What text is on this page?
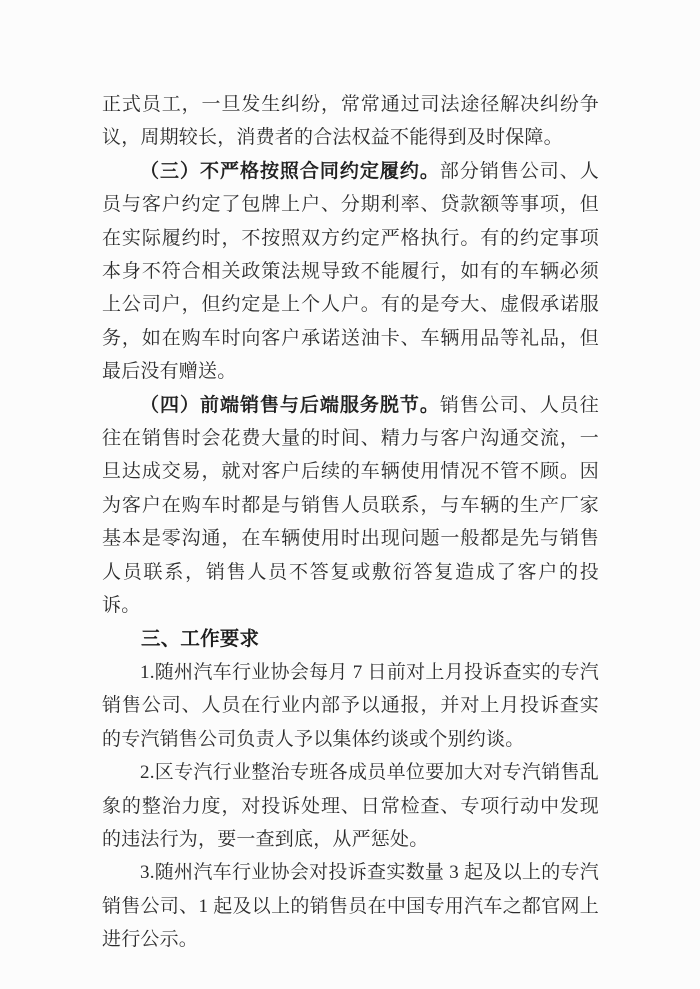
正式员工，一旦发生纠纷，常常通过司法途径解决纠纷争议，周期较长，消费者的合法权益不能得到及时保障。

（三）不严格按照合同约定履约。部分销售公司、人员与客户约定了包牌上户、分期利率、贷款额等事项，但在实际履约时，不按照双方约定严格执行。有的约定事项本身不符合相关政策法规导致不能履行，如有的车辆必须上公司户，但约定是上个人户。有的是夸大、虚假承诺服务，如在购车时向客户承诺送油卡、车辆用品等礼品，但最后没有赠送。

（四）前端销售与后端服务脱节。销售公司、人员往往在销售时会花费大量的时间、精力与客户沟通交流，一旦达成交易，就对客户后续的车辆使用情况不管不顾。因为客户在购车时都是与销售人员联系，与车辆的生产厂家基本是零沟通，在车辆使用时出现问题一般都是先与销售人员联系，销售人员不答复或敷衍答复造成了客户的投诉。

三、工作要求

1.随州汽车行业协会每月 7 日前对上月投诉查实的专汽销售公司、人员在行业内部予以通报，并对上月投诉查实的专汽销售公司负责人予以集体约谈或个别约谈。

2.区专汽行业整治专班各成员单位要加大对专汽销售乱象的整治力度，对投诉处理、日常检查、专项行动中发现的违法行为，要一查到底，从严惩处。

3.随州汽车行业协会对投诉查实数量 3 起及以上的专汽销售公司、1 起及以上的销售员在中国专用汽车之都官网上进行公示。
